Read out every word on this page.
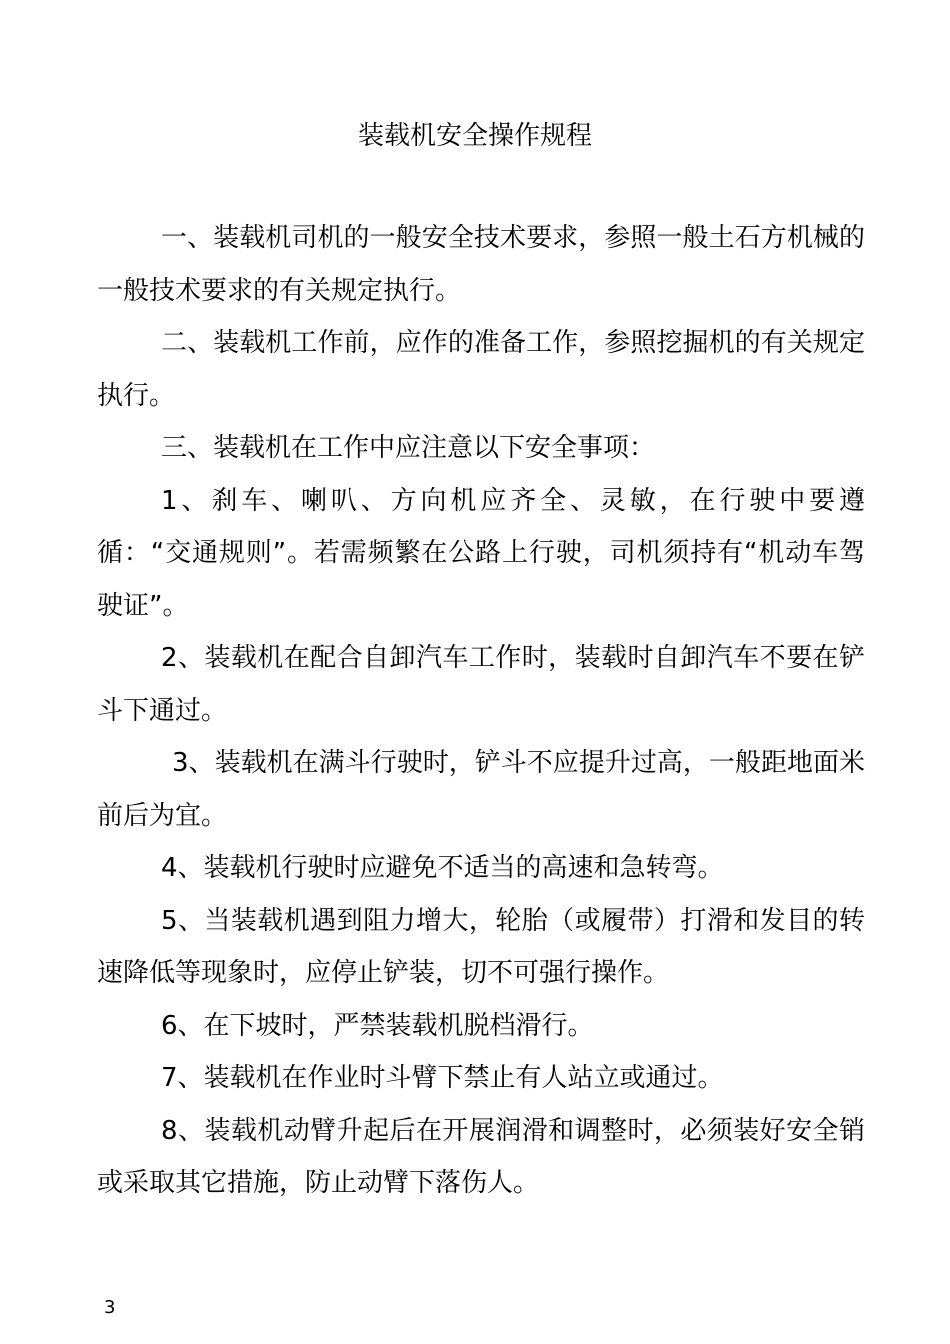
装载机安全操作规程

一、装载机司机的一般安全技术要求，参照一般土石方机械的一般技术要求的有关规定执行。

二、装载机工作前，应作的准备工作，参照挖掘机的有关规定执行。

三、装载机在工作中应注意以下安全事项：

1、刹车、喇叭、方向机应齐全、灵敏，在行驶中要遵循：“交通规则”。若需频繁在公路上行驶，司机须持有“机动车驾驶证”。

2、装载机在配合自卸汽车工作时，装载时自卸汽车不要在铲斗下通过。

3、装载机在满斗行驶时，铲斗不应提升过高，一般距地面米前后为宜。

4、装载机行驶时应避免不适当的高速和急转弯。

5、当装载机遇到阻力增大，轮胎（或履带）打滑和发目的转速降低等现象时，应停止铲装，切不可强行操作。

6、在下坡时，严禁装载机脱档滑行。

7、装载机在作业时斗臂下禁止有人站立或通过。

8、装载机动臂升起后在开展润滑和调整时，必须装好安全销或采取其它措施，防止动臂下落伤人。

3
